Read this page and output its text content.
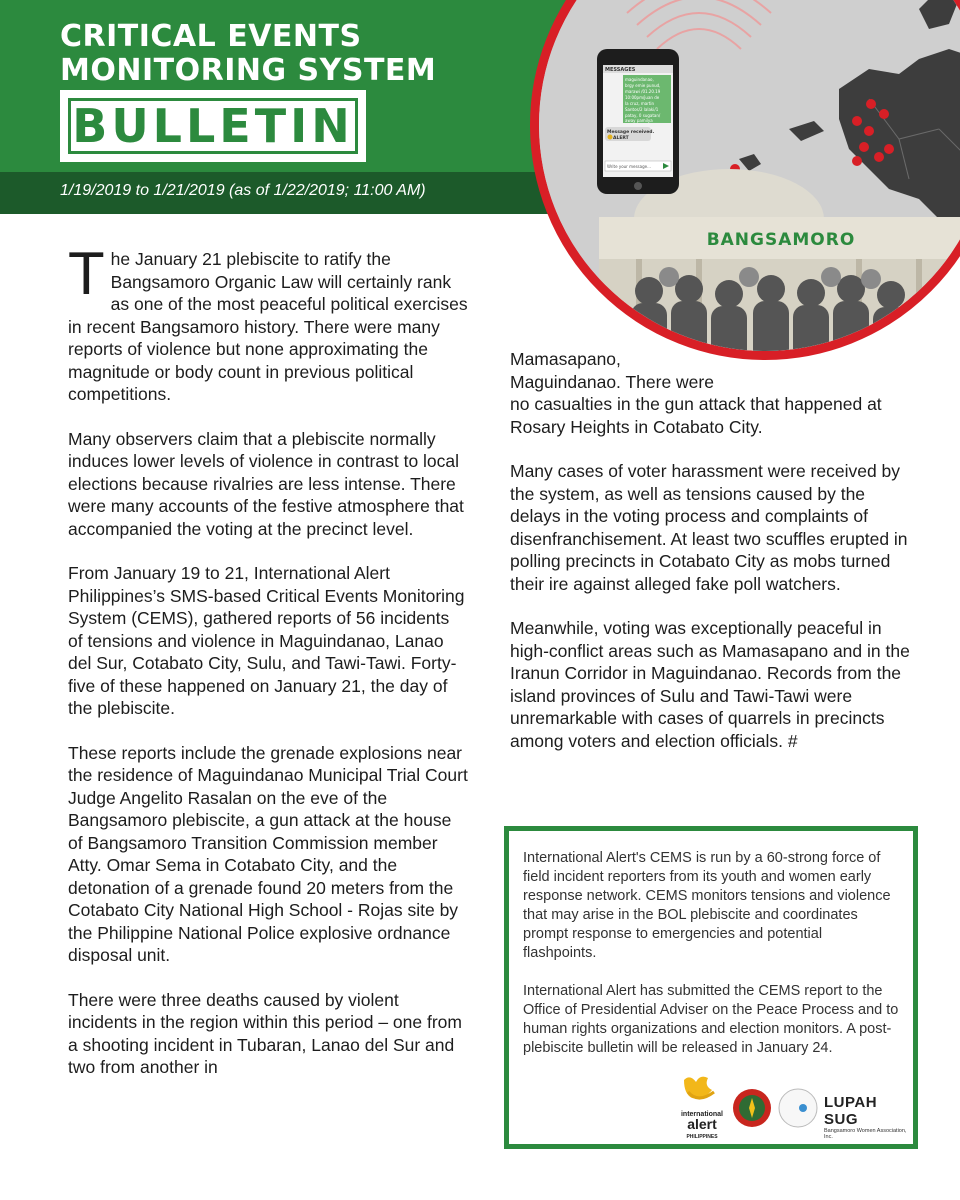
CRITICAL EVENTS
MONITORING SYSTEM
BULLETIN
1/19/2019 to 1/21/2019 (as of 1/22/2019; 11:00 AM)
BANGSAMORO
MESSAGES
maguindanao,
brgy emie punud,
marawi /01.20.19
10:00pm/juan de
la cruz, martin
Santos/2 lalaki/1
patay, 0 sugatan/
away pamilya
Message received.
ALERT
Write your message...

The January 21 plebiscite to ratify the Bangsamoro Organic Law will certainly rank as one of the most peaceful political exercises in recent Bangsamoro history. There were many reports of violence but none approximating the magnitude or body count in previous political competitions.

Many observers claim that a plebiscite normally induces lower levels of violence in contrast to local elections because rivalries are less intense. There were many accounts of the festive atmosphere that accompanied the voting at the precinct level.

From January 19 to 21, International Alert Philippines’s SMS-based Critical Events Monitoring System (CEMS), gathered reports of 56 incidents of tensions and violence in Maguindanao, Lanao del Sur, Cotabato City, Sulu, and Tawi-Tawi. Forty-five of these happened on January 21, the day of the plebiscite.

These reports include the grenade explosions near the residence of Maguindanao Municipal Trial Court Judge Angelito Rasalan on the eve of the Bangsamoro plebiscite, a gun attack at the house of Bangsamoro Transition Commission member Atty. Omar Sema in Cotabato City, and the detonation of a grenade found 20 meters from the Cotabato City National High School - Rojas site by the Philippine National Police explosive ordnance disposal unit.

There were three deaths caused by violent incidents in the region within this period – one from a shooting incident in Tubaran, Lanao del Sur and two from another in

Mamasapano,
Maguindanao. There were
no casualties in the gun attack that happened at Rosary Heights in Cotabato City.

Many cases of voter harassment were received by the system, as well as tensions caused by the delays in the voting process and complaints of disenfranchisement. At least two scuffles erupted in polling precincts in Cotabato City as mobs turned their ire against alleged fake poll watchers.

Meanwhile, voting was exceptionally peaceful in high-conflict areas such as Mamasapano and in the Iranun Corridor in Maguindanao. Records from the island provinces of Sulu and Tawi-Tawi were unremarkable with cases of quarrels in precincts among voters and election officials. #

International Alert's CEMS is run by a 60-strong force of field incident reporters from its youth and women early response network. CEMS monitors tensions and violence that may arise in the BOL plebiscite and coordinates prompt response to emergencies and potential flashpoints.

International Alert has submitted the CEMS report to the Office of Presidential Adviser on the Peace Process and to human rights organizations and election monitors. A post-plebiscite bulletin will be released in January 24.

international
alert
PHILIPPINES
LUPAH SUG
Bangsamoro Women Association, Inc.
